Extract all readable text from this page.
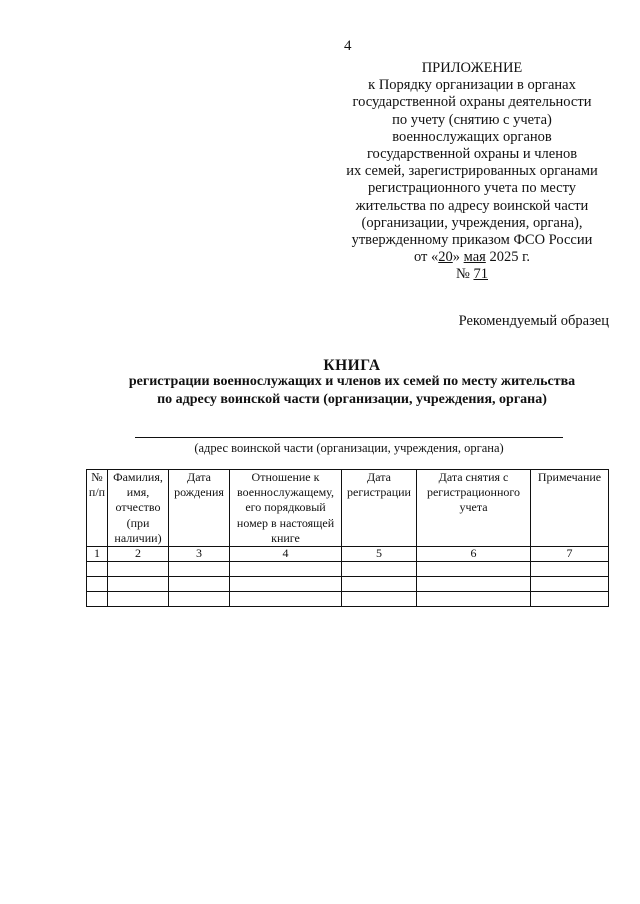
4
ПРИЛОЖЕНИЕ
к Порядку организации в органах
государственной охраны деятельности
по учету (снятию с учета)
военнослужащих органов
государственной охраны и членов
их семей, зарегистрированных органами
регистрационного учета по месту
жительства по адресу воинской части
(организации, учреждения, органа),
утвержденному приказом ФСО России
от «20» мая 2025 г.
№ 71
Рекомендуемый образец
КНИГА
регистрации военнослужащих и членов их семей по месту жительства
по адресу воинской части (организации, учреждения, органа)
(адрес воинской части (организации, учреждения, органа)
№ п/п	Фамилия, имя, отчество (при наличии)	Дата рождения	Отношение к военнослужащему, его порядковый номер в настоящей книге	Дата регистрации	Дата снятия с регистрационного учета	Примечание
1	2	3	4	5	6	7
